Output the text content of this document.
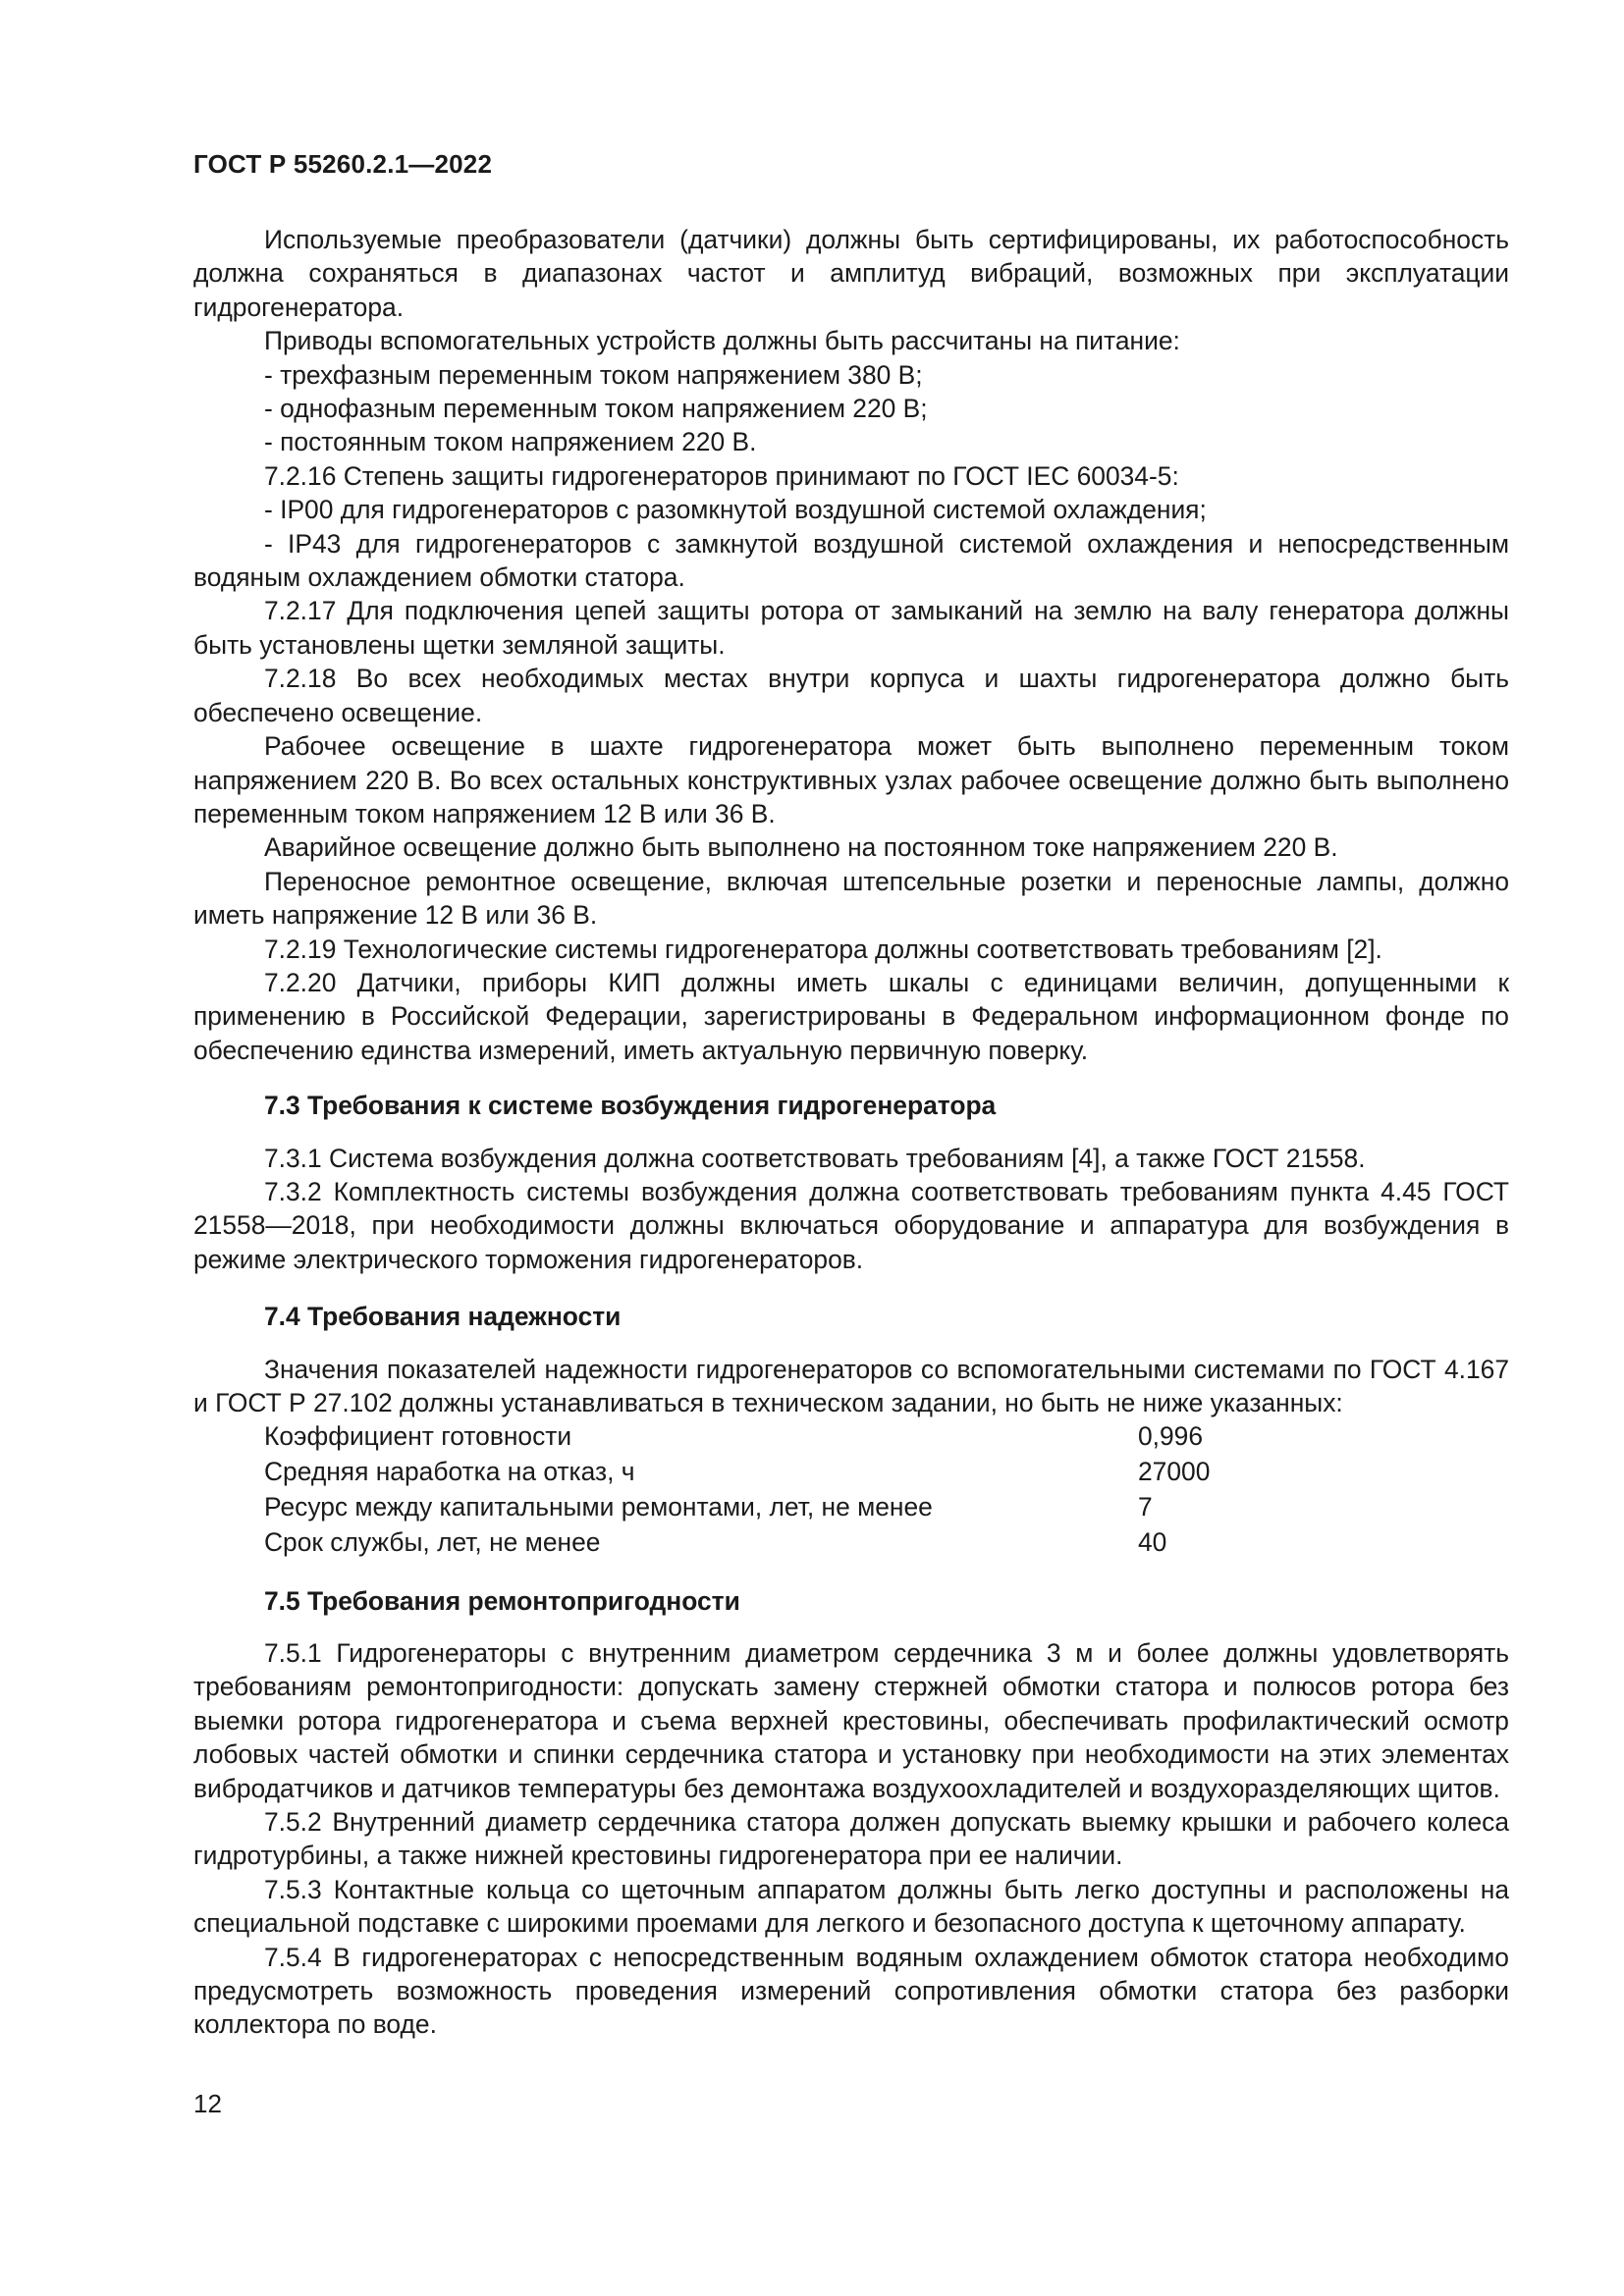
ГОСТ Р 55260.2.1—2022

Используемые преобразователи (датчики) должны быть сертифицированы, их работоспособность должна сохраняться в диапазонах частот и амплитуд вибраций, возможных при эксплуатации гидрогенератора.

Приводы вспомогательных устройств должны быть рассчитаны на питание:

- трехфазным переменным током напряжением 380 В;

- однофазным переменным током напряжением 220 В;

- постоянным током напряжением 220 В.

7.2.16 Степень защиты гидрогенераторов принимают по ГОСТ IEC 60034-5:

- IP00 для гидрогенераторов с разомкнутой воздушной системой охлаждения;

- IP43 для гидрогенераторов с замкнутой воздушной системой охлаждения и непосредственным водяным охлаждением обмотки статора.

7.2.17 Для подключения цепей защиты ротора от замыканий на землю на валу генератора должны быть установлены щетки земляной защиты.

7.2.18 Во всех необходимых местах внутри корпуса и шахты гидрогенератора должно быть обеспечено освещение.

Рабочее освещение в шахте гидрогенератора может быть выполнено переменным током напряжением 220 В. Во всех остальных конструктивных узлах рабочее освещение должно быть выполнено переменным током напряжением 12 В или 36 В.

Аварийное освещение должно быть выполнено на постоянном токе напряжением 220 В.

Переносное ремонтное освещение, включая штепсельные розетки и переносные лампы, должно иметь напряжение 12 В или 36 В.

7.2.19 Технологические системы гидрогенератора должны соответствовать требованиям [2].

7.2.20 Датчики, приборы КИП должны иметь шкалы с единицами величин, допущенными к применению в Российской Федерации, зарегистрированы в Федеральном информационном фонде по обеспечению единства измерений, иметь актуальную первичную поверку.

7.3 Требования к системе возбуждения гидрогенератора

7.3.1 Система возбуждения должна соответствовать требованиям [4], а также ГОСТ 21558.

7.3.2 Комплектность системы возбуждения должна соответствовать требованиям пункта 4.45 ГОСТ 21558—2018, при необходимости должны включаться оборудование и аппаратура для возбуждения в режиме электрического торможения гидрогенераторов.

7.4 Требования надежности

Значения показателей надежности гидрогенераторов со вспомогательными системами по ГОСТ 4.167 и ГОСТ Р 27.102 должны устанавливаться в техническом задании, но быть не ниже указанных:

Коэффициент готовности	0,996
Средняя наработка на отказ, ч	27000
Ресурс между капитальными ремонтами, лет, не менее	7
Срок службы, лет, не менее	40
7.5 Требования ремонтопригодности

7.5.1 Гидрогенераторы с внутренним диаметром сердечника 3 м и более должны удовлетворять требованиям ремонтопригодности: допускать замену стержней обмотки статора и полюсов ротора без выемки ротора гидрогенератора и съема верхней крестовины, обеспечивать профилактический осмотр лобовых частей обмотки и спинки сердечника статора и установку при необходимости на этих элементах вибродатчиков и датчиков температуры без демонтажа воздухоохладителей и воздухоразделяющих щитов.

7.5.2 Внутренний диаметр сердечника статора должен допускать выемку крышки и рабочего колеса гидротурбины, а также нижней крестовины гидрогенератора при ее наличии.

7.5.3 Контактные кольца со щеточным аппаратом должны быть легко доступны и расположены на специальной подставке с широкими проемами для легкого и безопасного доступа к щеточному аппарату.

7.5.4 В гидрогенераторах с непосредственным водяным охлаждением обмоток статора необходимо предусмотреть возможность проведения измерений сопротивления обмотки статора без разборки коллектора по воде.

12
